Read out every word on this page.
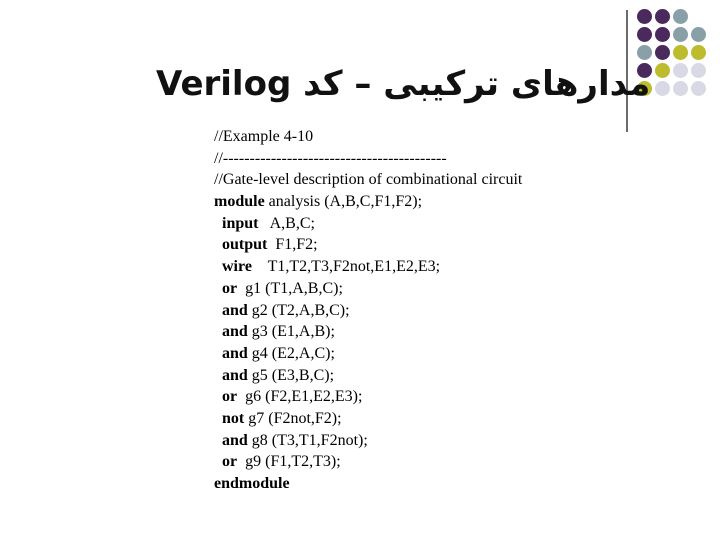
Verilog مدارهای ترکیبی – کد
//Example 4-10
//------------------------------------------
//Gate-level description of combinational circuit
module analysis (A,B,C,F1,F2);
input   A,B,C;
output  F1,F2;
wire    T1,T2,T3,F2not,E1,E2,E3;
or  g1 (T1,A,B,C);
and g2 (T2,A,B,C);
and g3 (E1,A,B);
and g4 (E2,A,C);
and g5 (E3,B,C);
or  g6 (F2,E1,E2,E3);
not g7 (F2not,F2);
and g8 (T3,T1,F2not);
or  g9 (F1,T2,T3);
endmodule
